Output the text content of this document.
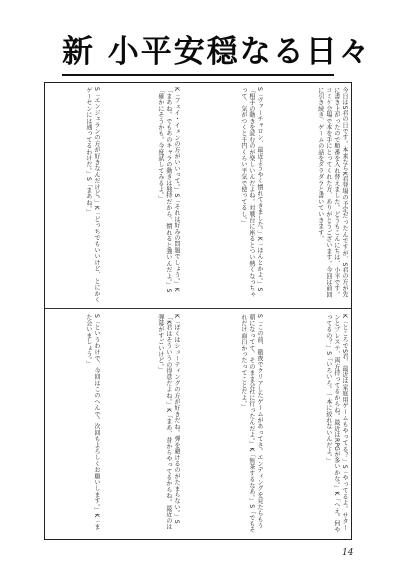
新 小平安穏なる日々
今日はS君の日です。本来ならK君登場の予定だったんですが、S君の方が先に書き上がったので順番を入れ替えました。どうもこんにちは、小平です。コミケ会場で本を手にとってくれた方、ありがとうございます。今回は前回に引き続き、ゲームの話をダラダラと書いていきます。
S「ヴァーチャロン、最近ようやく慣れてきました。」K「ほんとかよ。」S「相手の動きを読むのが楽しいんだよね。対戦台に座るとつい熱くなっちゃって、気がつくと千円くらい平気で使ってるし。」
K「フェイ・イェンの方がいいって。」S「それは好みの問題でしょう。」K「まあね。でもあのキャラの動きは独特だから、慣れると強いんだよ。」S「確かにそうかも。今度試してみるよ。」
S「エンジェランの方が好きなんだけど。」K「どっちでもいいけど、とにかくゲーセンには通ってるわけだ。」S「まあね。」
K「ところでS君、最近は家庭用ゲームもやってる？」S「やってるよ。サターンとプレステ、両方持ってるからね。最近はRPGが多いかな。」K「へえ。何やってるの？」S「いろいろ。一本に絞れないんだよ。」
S「この前、徹夜でクリアしたゲームがあってさ。エンディングを見たらもう朝になってて、そのまま会社に行ったんだよ。」K「無茶するなあ。」S「でもそれだけ面白かったってことだよ。」
K「ぼくはシューティングの方が好きだね。弾を避けるのがたまらない。」S「K君はそういうの得意だよね。」K「まあ、昔からやってるからね。最近のは弾幕がすごいけど。」
S「というわけで、今回はこのへんで。次回もよろしくお願いします。」K「また会いましょう。」
14
